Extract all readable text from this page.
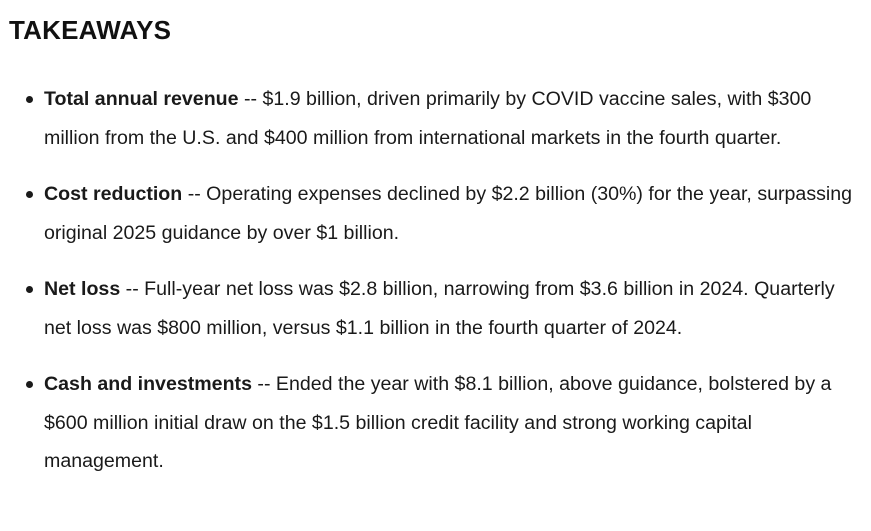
TAKEAWAYS
Total annual revenue -- $1.9 billion, driven primarily by COVID vaccine sales, with $300 million from the U.S. and $400 million from international markets in the fourth quarter.
Cost reduction -- Operating expenses declined by $2.2 billion (30%) for the year, surpassing original 2025 guidance by over $1 billion.
Net loss -- Full-year net loss was $2.8 billion, narrowing from $3.6 billion in 2024. Quarterly net loss was $800 million, versus $1.1 billion in the fourth quarter of 2024.
Cash and investments -- Ended the year with $8.1 billion, above guidance, bolstered by a $600 million initial draw on the $1.5 billion credit facility and strong working capital management.
